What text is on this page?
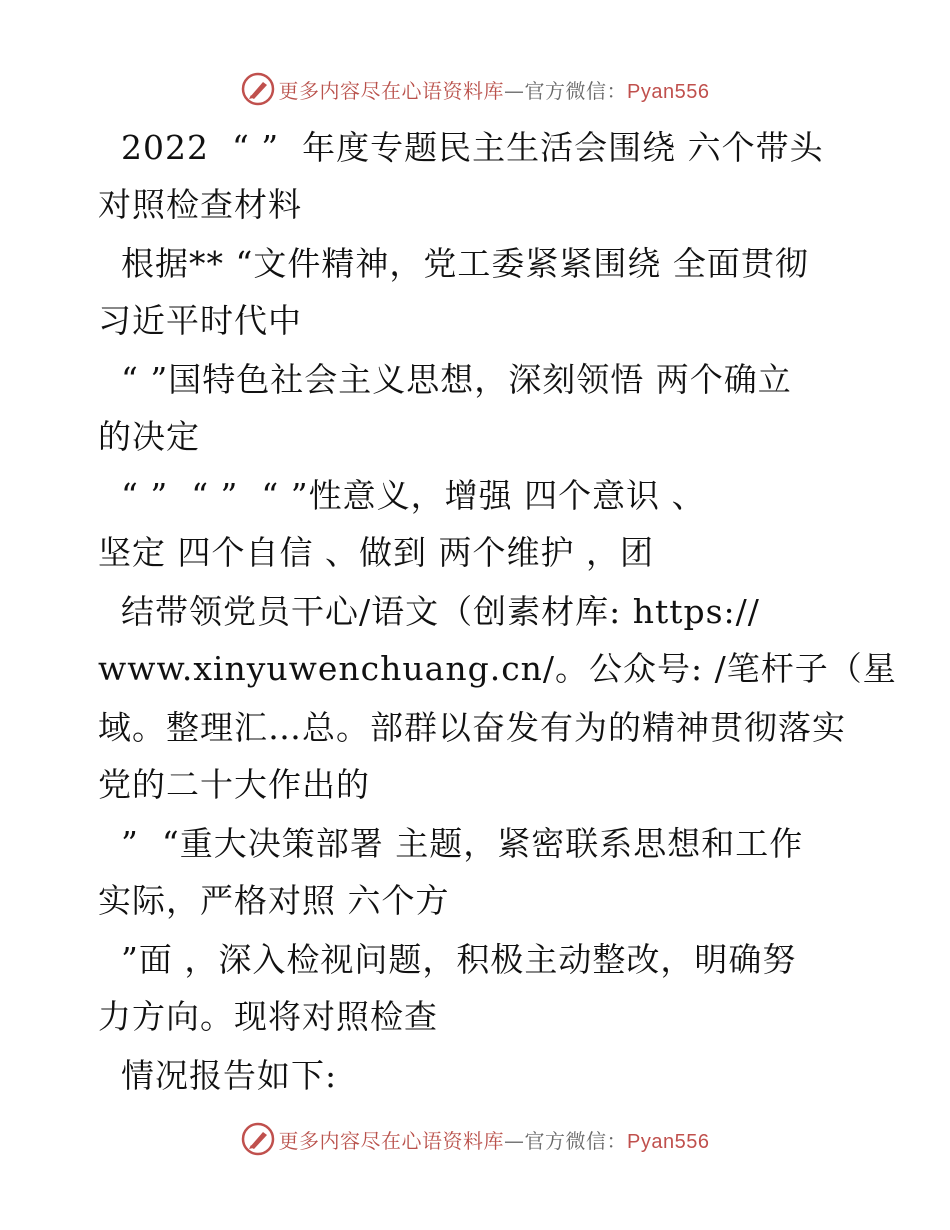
更多内容尽在心语资料库—官方微信：Pyan556
2022  “ ”  年度专题民主生活会围绕 六个带头
对照检查材料
根据** “文件精神，党工委紧紧围绕 全面贯彻
习近平时代中
“ ”国特色社会主义思想，深刻领悟 两个确立
的决定
“ ”  “ ”  “ ”性意义，增强 四个意识 、
坚定 四个自信 、做到 两个维护 ，团
结带领党员干心/语文（创素材库: https://
www.xinyuwenchuang.cn/。公众号: /笔杆子（星
域。整理汇…总。部群以奋发有为的精神贯彻落实
党的二十大作出的
”  “重大决策部署 主题，紧密联系思想和工作
实际，严格对照 六个方
”面 ，深入检视问题，积极主动整改，明确努
力方向。现将对照检查
情况报告如下:
更多内容尽在心语资料库—官方微信：Pyan556
